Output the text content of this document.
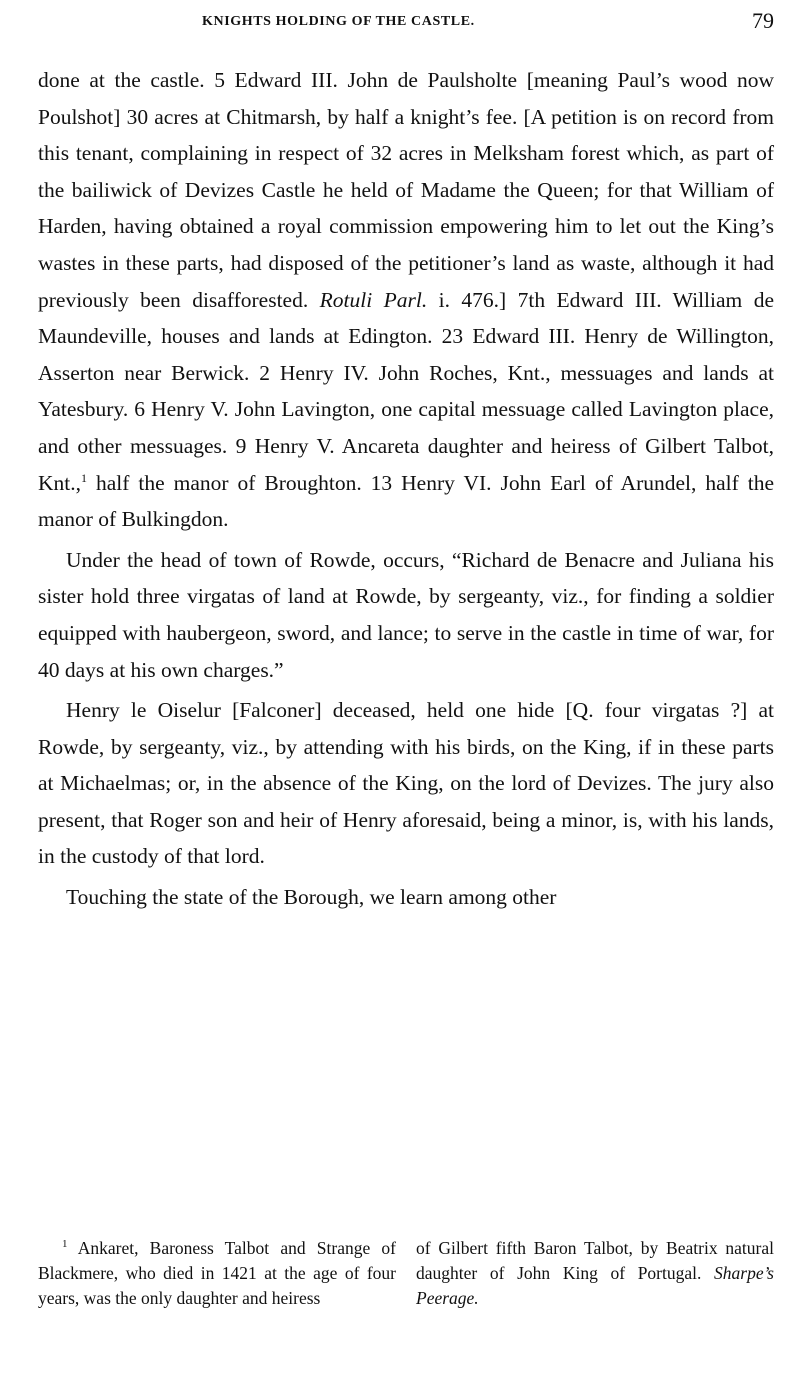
KNIGHTS HOLDING OF THE CASTLE.	79

done at the castle. 5 Edward III. John de Paulsholte [meaning Paul’s wood now Poulshot] 30 acres at Chitmarsh, by half a knight’s fee. [A petition is on record from this tenant, complaining in respect of 32 acres in Melksham forest which, as part of the bailiwick of Devizes Castle he held of Madame the Queen; for that William of Harden, having obtained a royal commission empowering him to let out the King’s wastes in these parts, had disposed of the petitioner’s land as waste, although it had previously been disafforested. Rotuli Parl. i. 476.] 7th Edward III. William de Maundeville, houses and lands at Edington. 23 Edward III. Henry de Willington, Asserton near Berwick. 2 Henry IV. John Roches, Knt., messuages and lands at Yatesbury. 6 Henry V. John Lavington, one capital messuage called Lavington place, and other messuages. 9 Henry V. Ancareta daughter and heiress of Gilbert Talbot, Knt.,$^1$ half the manor of Broughton. 13 Henry VI. John Earl of Arundel, half the manor of Bulkingdon.

Under the head of town of Rowde, occurs, “Richard de Benacre and Juliana his sister hold three virgatas of land at Rowde, by sergeanty, viz., for finding a soldier equipped with haubergeon, sword, and lance; to serve in the castle in time of war, for 40 days at his own charges.”

Henry le Oiselur [Falconer] deceased, held one hide [Q. four virgatas ?] at Rowde, by sergeanty, viz., by attending with his birds, on the King, if in these parts at Michaelmas; or, in the absence of the King, on the lord of Devizes. The jury also present, that Roger son and heir of Henry aforesaid, being a minor, is, with his lands, in the custody of that lord.

Touching the state of the Borough, we learn among other

$^1$ Ankaret, Baroness Talbot and Strange of Blackmere, who died in 1421 at the age of four years, was the only daughter and heiress
of Gilbert fifth Baron Talbot, by Beatrix natural daughter of John King of Portugal. Sharpe’s Peerage.
